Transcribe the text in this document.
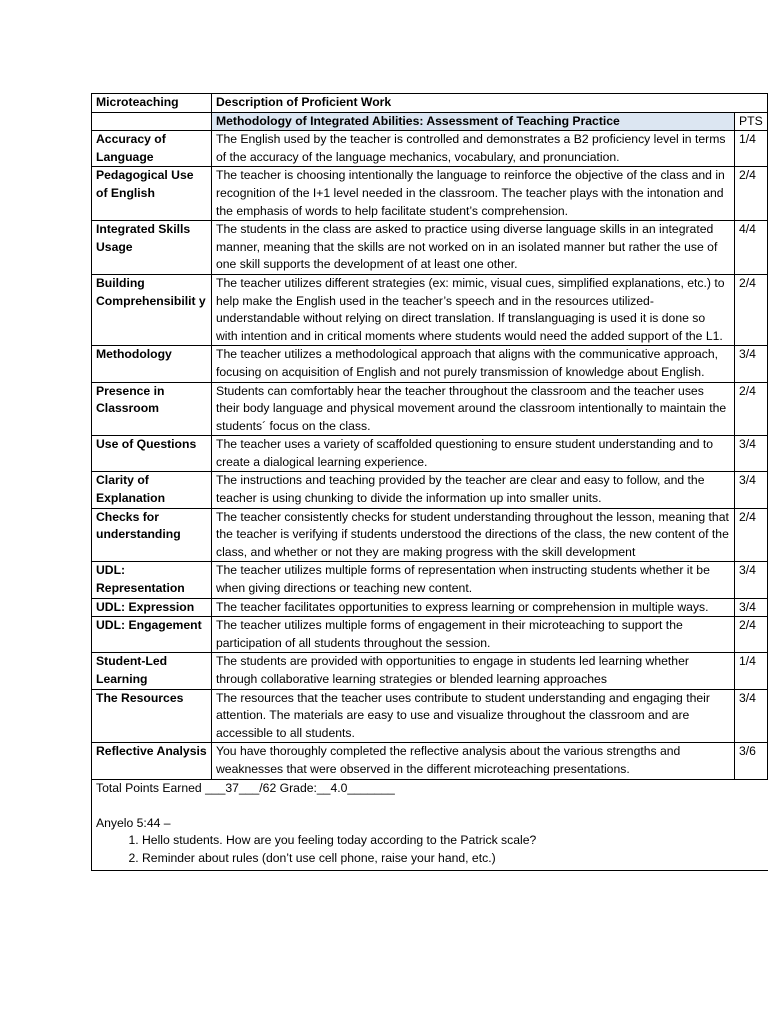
Microteaching	Description of Proficient Work	
	Methodology of Integrated Abilities: Assessment of Teaching Practice	PTS
Accuracy of Language	The English used by the teacher is controlled and demonstrates a B2 proficiency level in terms of the accuracy of the language mechanics, vocabulary, and pronunciation.	1/4
Pedagogical Use of English	The teacher is choosing intentionally the language to reinforce the objective of the class and in recognition of the I+1 level needed in the classroom. The teacher plays with the intonation and the emphasis of words to help facilitate student’s comprehension.	2/4
Integrated Skills Usage	The students in the class are asked to practice using diverse language skills in an integrated manner, meaning that the skills are not worked on in an isolated manner but rather the use of one skill supports the development of at least one other.	4/4
Building Comprehensibilit y	The teacher utilizes different strategies (ex: mimic, visual cues, simplified explanations, etc.) to help make the English used in the teacher’s speech and in the resources utilized- understandable without relying on direct translation. If translanguaging is used it is done so with intention and in critical moments where students would need the added support of the L1.	2/4
Methodology	The teacher utilizes a methodological approach that aligns with the communicative approach, focusing on acquisition of English and not purely transmission of knowledge about English.	3/4
Presence in Classroom	Students can comfortably hear the teacher throughout the classroom and the teacher uses their body language and physical movement around the classroom intentionally to maintain the students´ focus on the class.	2/4
Use of Questions	The teacher uses a variety of scaffolded questioning to ensure student understanding and to create a dialogical learning experience.	3/4
Clarity of Explanation	The instructions and teaching provided by the teacher are clear and easy to follow, and the teacher is using chunking to divide the information up into smaller units.	3/4
Checks for understanding	The teacher consistently checks for student understanding throughout the lesson, meaning that the teacher is verifying if students understood the directions of the class, the new content of the class, and whether or not they are making progress with the skill development	2/4
UDL: Representation	The teacher utilizes multiple forms of representation when instructing students whether it be when giving directions or teaching new content.	3/4
UDL: Expression	The teacher facilitates opportunities to express learning or comprehension in multiple ways.	3/4
UDL: Engagement	The teacher utilizes multiple forms of engagement in their microteaching to support the participation of all students throughout the session.	2/4
Student-Led Learning	The students are provided with opportunities to engage in students led learning whether through collaborative learning strategies or blended learning approaches	1/4
The Resources	The resources that the teacher uses contribute to student understanding and engaging their attention. The materials are easy to use and visualize throughout the classroom and are accessible to all students.	3/4
Reflective Analysis	You have thoroughly completed the reflective analysis about the various strengths and weaknesses that were observed in the different microteaching presentations.	3/6
Total Points Earned ___37___/62 Grade:__4.0_______
Anyelo 5:44 –
1. Hello students. How are you feeling today according to the Patrick scale?
2. Reminder about rules (don’t use cell phone, raise your hand, etc.)
